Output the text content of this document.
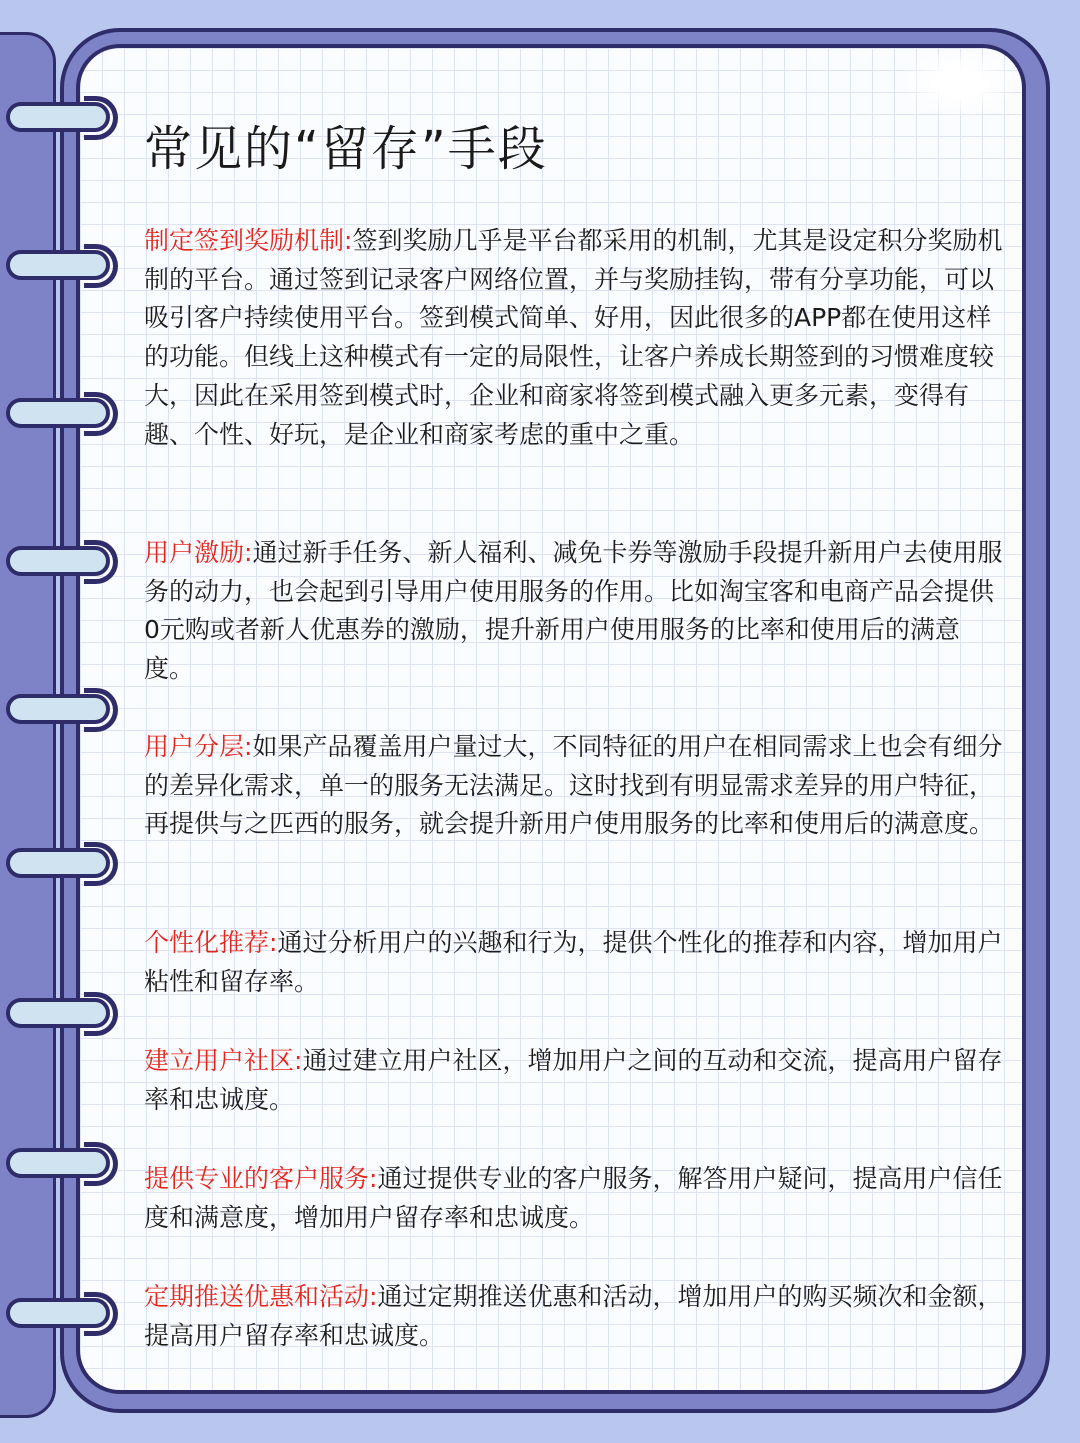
常见的“留存”手段

制定签到奖励机制:签到奖励几乎是平台都采用的机制，尤其是设定积分奖励机制的平台。通过签到记录客户网络位置，并与奖励挂钩，带有分享功能，可以吸引客户持续使用平台。签到模式简单、好用，因此很多的APP都在使用这样的功能。但线上这种模式有一定的局限性，让客户养成长期签到的习惯难度较大，因此在采用签到模式时，企业和商家将签到模式融入更多元素，变得有趣、个性、好玩，是企业和商家考虑的重中之重。

用户激励:通过新手任务、新人福利、减免卡券等激励手段提升新用户去使用服务的动力，也会起到引导用户使用服务的作用。比如淘宝客和电商产品会提供0元购或者新人优惠券的激励，提升新用户使用服务的比率和使用后的满意度。

用户分层:如果产品覆盖用户量过大，不同特征的用户在相同需求上也会有细分的差异化需求，单一的服务无法满足。这时找到有明显需求差异的用户特征，再提供与之匹西的服务，就会提升新用户使用服务的比率和使用后的满意度。

个性化推荐:通过分析用户的兴趣和行为，提供个性化的推荐和内容，增加用户粘性和留存率。

建立用户社区:通过建立用户社区，增加用户之间的互动和交流，提高用户留存率和忠诚度。

提供专业的客户服务:通过提供专业的客户服务，解答用户疑问，提高用户信任度和满意度，增加用户留存率和忠诚度。

定期推送优惠和活动:通过定期推送优惠和活动，增加用户的购买频次和金额，提高用户留存率和忠诚度。
